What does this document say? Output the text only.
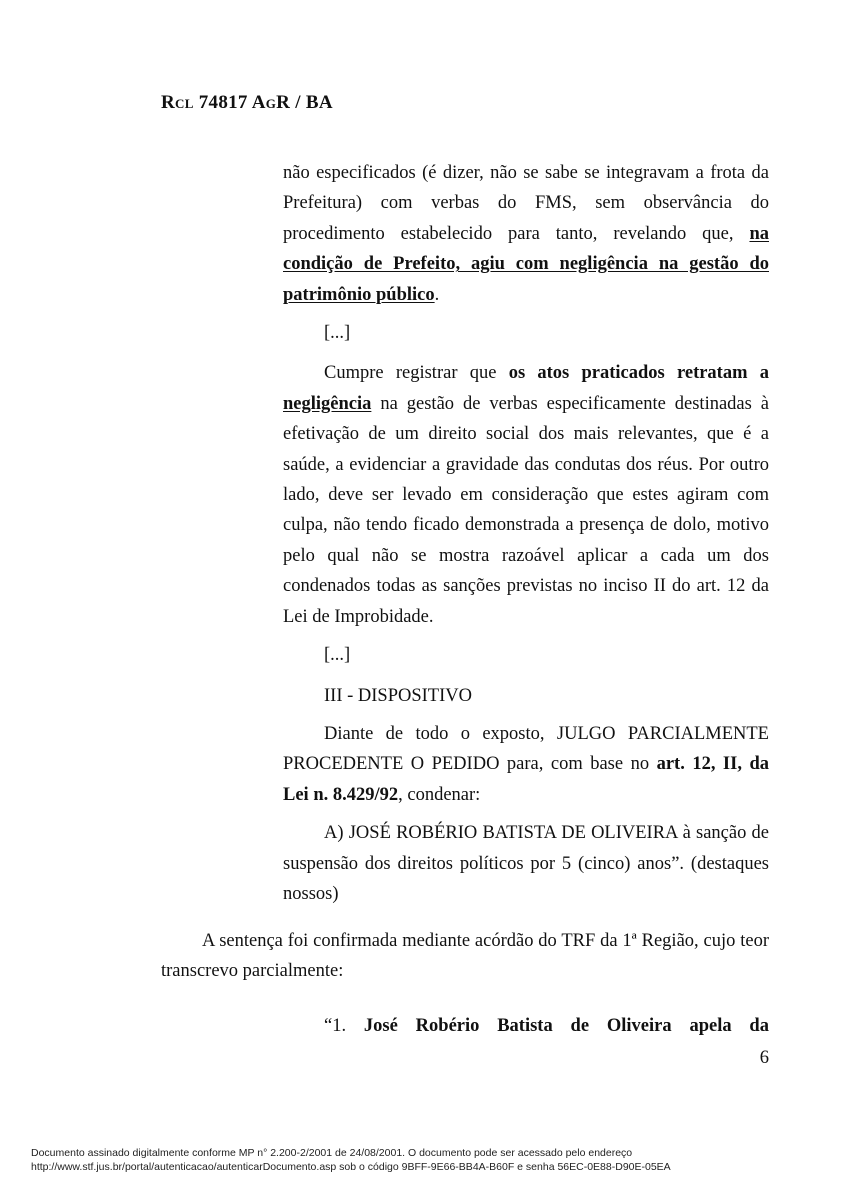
Rcl 74817 AgR / BA

não especificados (é dizer, não se sabe se integravam a frota da Prefeitura) com verbas do FMS, sem observância do procedimento estabelecido para tanto, revelando que, na condição de Prefeito, agiu com negligência na gestão do patrimônio público.

[...]

Cumpre registrar que os atos praticados retratam a negligência na gestão de verbas especificamente destinadas à efetivação de um direito social dos mais relevantes, que é a saúde, a evidenciar a gravidade das condutas dos réus. Por outro lado, deve ser levado em consideração que estes agiram com culpa, não tendo ficado demonstrada a presença de dolo, motivo pelo qual não se mostra razoável aplicar a cada um dos condenados todas as sanções previstas no inciso II do art. 12 da Lei de Improbidade.

[...]

III - DISPOSITIVO

Diante de todo o exposto, JULGO PARCIALMENTE PROCEDENTE O PEDIDO para, com base no art. 12, II, da Lei n. 8.429/92, condenar:

A) JOSÉ ROBÉRIO BATISTA DE OLIVEIRA à sanção de suspensão dos direitos políticos por 5 (cinco) anos”. (destaques nossos)

A sentença foi confirmada mediante acórdão do TRF da 1ª Região, cujo teor transcrevo parcialmente:

“1. José Robério Batista de Oliveira apela da
6
Documento assinado digitalmente conforme MP n° 2.200-2/2001 de 24/08/2001. O documento pode ser acessado pelo endereço
http://www.stf.jus.br/portal/autenticacao/autenticarDocumento.asp sob o código 9BFF-9E66-BB4A-B60F e senha 56EC-0E88-D90E-05EA
